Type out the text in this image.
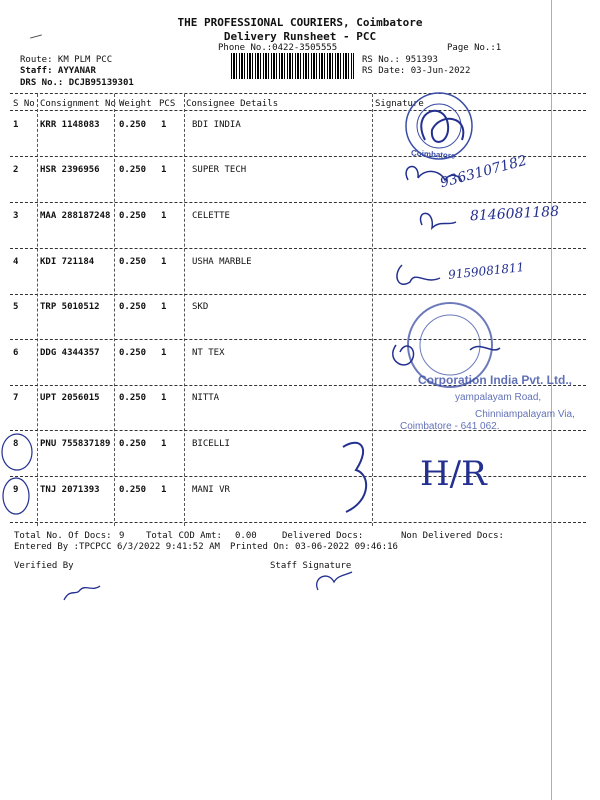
THE PROFESSIONAL COURIERS, Coimbatore
Delivery Runsheet - PCC
Phone No.:0422-3505555	Page No.:1
Route: KM PLM PCC
Staff: AYYANAR
DRS No.: DCJB95139301
RS No.: 951393
RS Date: 03-Jun-2022
S No Consignment No Weight PCS Consignee Details	Signature
1 KRR 1148083 0.250 1	BDI INDIA
2 HSR 2396956 0.250 1	SUPER TECH
3 MAA 288187248 0.250 1	CELETTE
4 KDI 721184	0.250 1	USHA MARBLE
5 TRP 5010512 0.250 1	SKD
6 DDG 4344357 0.250 1	NT TEX
7 UPT 2056015 0.250 1	NITTA
8 PNU 755837189 0.250 1	BICELLI
9 TNJ 2071393 0.250 1	MANI VR
Total No. Of Docs: 9 Total COD Amt: 0.00	Delivered Docs:	Non Delivered Docs:
Entered By :TPCPCC 6/3/2022 9:41:52 AM Printed On: 03-06-2022 09:46:16
Verified By	Staff Signature
Coimbatore
9363107182
8146081188
9159081811
Corporation India Pvt. Ltd.,
yampalayam Road,
Chinniampalayam Via,
Coimbatore - 641 062.
H/R
